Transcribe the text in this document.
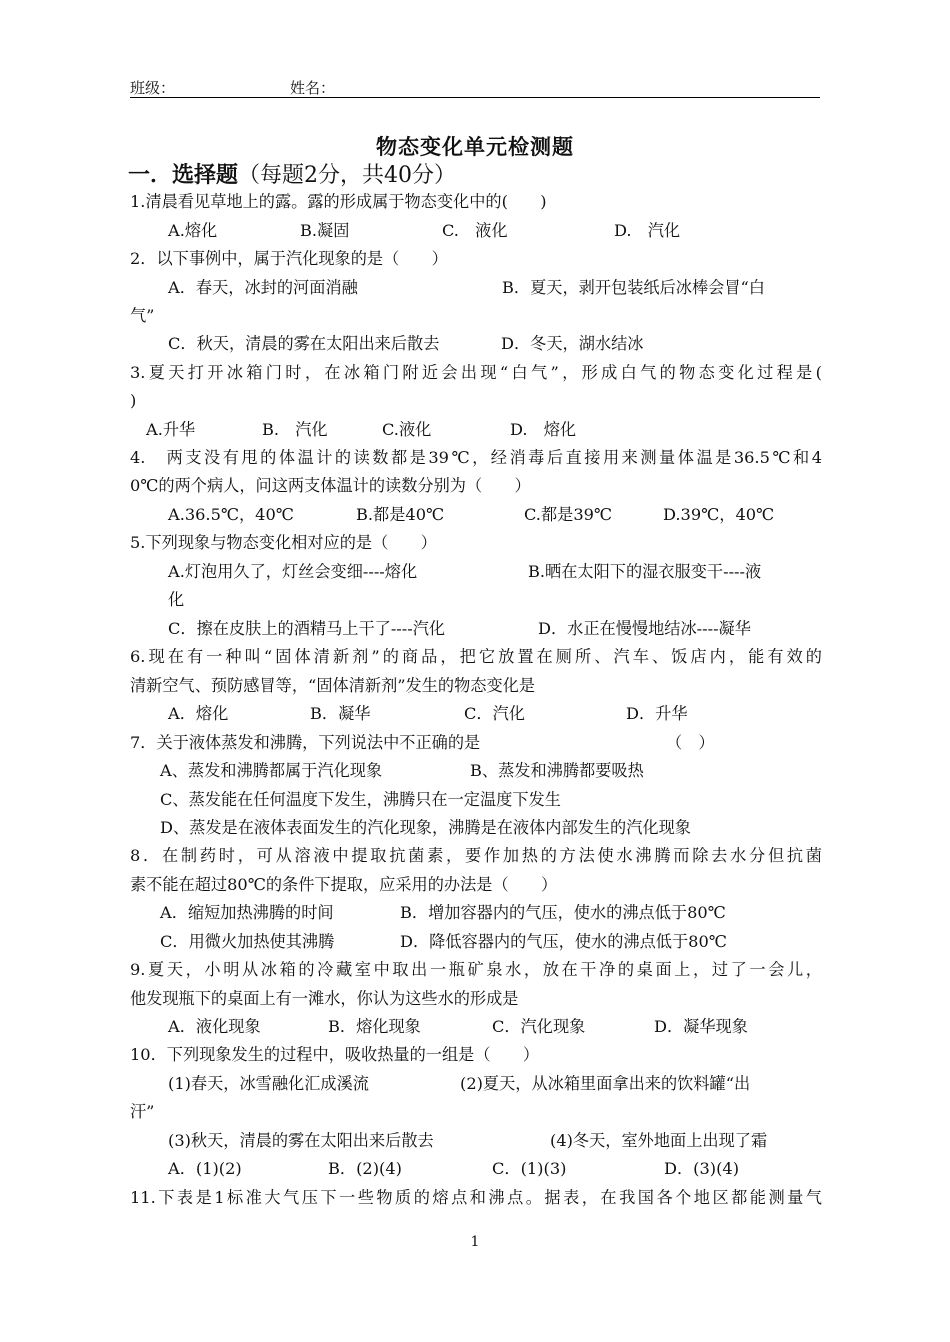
班级：	姓名：
物态变化单元检测题
一．选择题（每题2分，共40分）
1.清晨看见草地上的露。露的形成属于物态变化中的(　　)
A.熔化	B.凝固	C.　液化	D.　汽化
2．以下事例中，属于汽化现象的是（　　）
A．春天，冰封的河面消融	B．夏天，剥开包装纸后冰棒会冒“白
气”
C．秋天，清晨的雾在太阳出来后散去	D．冬天，湖水结冰
3.夏天打开冰箱门时，在冰箱门附近会出现“白气”，形成白气的物态变化过程是(
)
A.升华	B.　汽化	C.液化	D.　熔化
4.　两支没有甩的体温计的读数都是39℃，经消毒后直接用来测量体温是36.5℃和4
0℃的两个病人，问这两支体温计的读数分别为（　　）
A.36.5℃，40℃	B.都是40℃	C.都是39℃	D.39℃，40℃
5.下列现象与物态变化相对应的是（　　）
A.灯泡用久了，灯丝会变细----熔化	B.晒在太阳下的湿衣服变干----液
化
C．擦在皮肤上的酒精马上干了----汽化	D．水正在慢慢地结冰----凝华
6.现在有一种叫“固体清新剂”的商品，把它放置在厕所、汽车、饭店内，能有效的
清新空气、预防感冒等，“固体清新剂”发生的物态变化是
A．熔化	B．凝华	C．汽化	D．升华
7．关于液体蒸发和沸腾，下列说法中不正确的是	（　）
A、蒸发和沸腾都属于汽化现象	B、蒸发和沸腾都要吸热
C、蒸发能在任何温度下发生，沸腾只在一定温度下发生
D、蒸发是在液体表面发生的汽化现象，沸腾是在液体内部发生的汽化现象
8．在制药时，可从溶液中提取抗菌素，要作加热的方法使水沸腾而除去水分但抗菌
素不能在超过80℃的条件下提取，应采用的办法是（　　）
A．缩短加热沸腾的时间	B．增加容器内的气压，使水的沸点低于80℃
C．用微火加热使其沸腾	D．降低容器内的气压，使水的沸点低于80℃
9.夏天，小明从冰箱的冷藏室中取出一瓶矿泉水，放在干净的桌面上，过了一会儿，
他发现瓶下的桌面上有一滩水，你认为这些水的形成是
A．液化现象	B．熔化现象	C．汽化现象	D．凝华现象
10．下列现象发生的过程中，吸收热量的一组是（　　）
(1)春天，冰雪融化汇成溪流	(2)夏天，从冰箱里面拿出来的饮料罐“出
汗”
(3)秋天，清晨的雾在太阳出来后散去	(4)冬天，室外地面上出现了霜
A．(1)(2)	B．(2)(4)	C．(1)(3)	D．(3)(4)
11.下表是1标准大气压下一些物质的熔点和沸点。据表，在我国各个地区都能测量气
1
